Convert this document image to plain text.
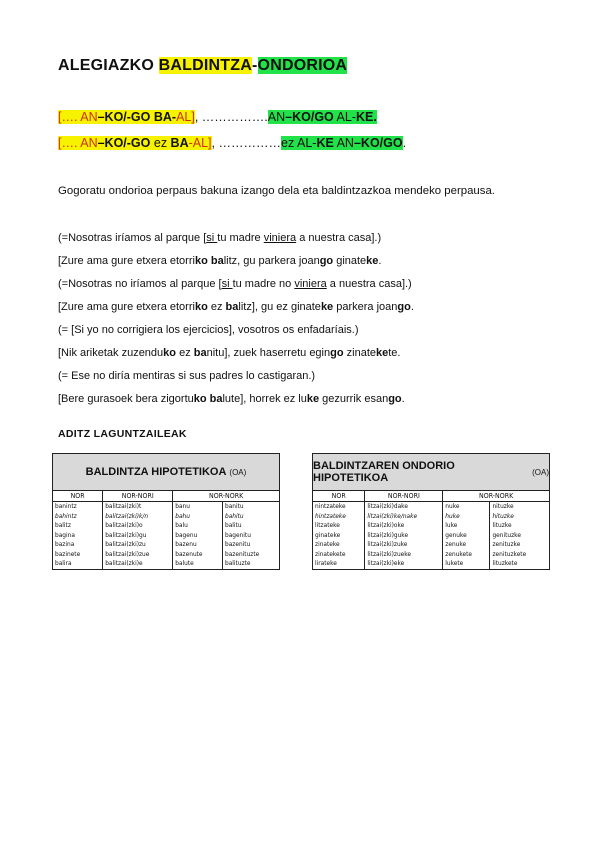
ALEGIAZKO BALDINTZA-ONDORIOA
[…. AN–KO/-GO BA-AL], …………….AN–KO/GO AL-KE.
[…. AN–KO/-GO ez BA-AL], ……………ez AL-KE AN–KO/GO.
Gogoratu ondorioa perpaus bakuna izango dela eta baldintzazkoa mendeko perpausa.
(=Nosotras iríamos al parque [si tu madre viniera a nuestra casa].)
[Zure ama gure etxera etorriko balitz, gu parkera joango ginateke.
(=Nosotras no iríamos al parque [si tu madre no viniera a nuestra casa].)
[Zure ama gure etxera etorriko ez balitz], gu ez ginateke parkera joango.
(= [Si yo no corrigiera los ejercicios], vosotros os enfadaríais.)
[Nik ariketak zuzenduko ez banitu], zuek haserretu egingo zinatekete.
(= Ese no diría mentiras si sus padres lo castigaran.)
[Bere gurasoek bera zigortuko balute], horrek ez luke gezurrik esango.
ADITZ LAGUNTZAILEAK
BALDINTZA HIPOTETIKOA (OA)
NOR	NOR-NORI	NOR-NORK	
banintz	balitzai(zki)t	banu	banitu
bahintz	balitzai(zki)k/n	bahu	bahitu
balitz	balitzai(zki)o	balu	balitu
bagina	balitzai(zki)gu	bagenu	bagenitu
bazina	balitzai(zki)zu	bazenu	bazenitu
bazinete	balitzai(zki)zue	bazenute	bazenituzte
balira	balitzai(zki)e	balute	balituzte
BALDINTZAREN ONDORIO HIPOTETIKOA	(OA)
NOR	NOR-NORI	NOR-NORK	
nintzateke	litzai(zki)dake	nuke	nituzke
hintzateke	litzai(zki)ke/nake	huke	hituzke
litzateke	litzai(zki)oke	luke	lituzke
ginateke	litzai(zki)guke	genuke	genituzke
zinateke	litzai(zki)zuke	zenuke	zenituzke
zinatekete	litzai(zki)zueke	zenukete	zenituzkete
lirateke	litzai(zki)eke	lukete	lituzkete
